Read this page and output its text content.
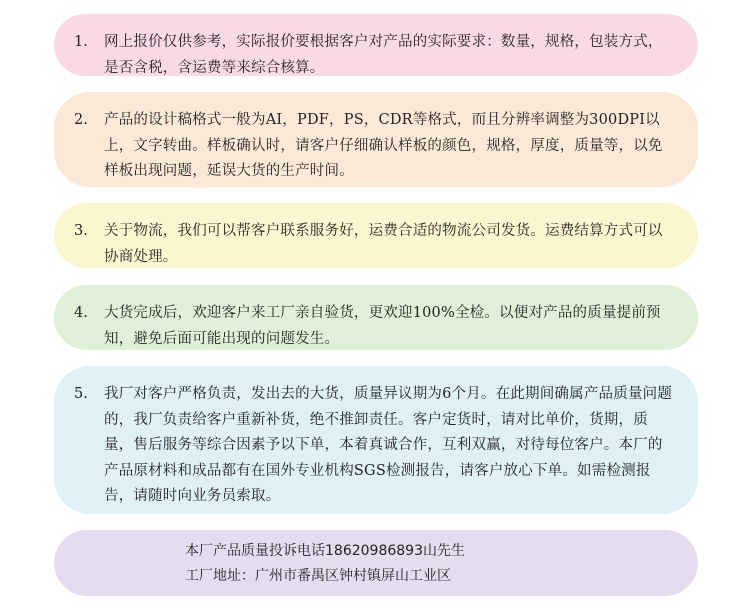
1.	网上报价仅供参考，实际报价要根据客户对产品的实际要求：数量，规格，包装方式，是否含税，含运费等来综合核算。
2.	产品的设计稿格式一般为AI，PDF，PS，CDR等格式，而且分辨率调整为300DPI以上，文字转曲。样板确认时，请客户仔细确认样板的颜色，规格，厚度，质量等，以免样板出现问题，延误大货的生产时间。
3.	关于物流，我们可以帮客户联系服务好，运费合适的物流公司发货。运费结算方式可以协商处理。
4.	大货完成后，欢迎客户来工厂亲自验货，更欢迎100%全检。以便对产品的质量提前预知，避免后面可能出现的问题发生。
5.	我厂对客户严格负责，发出去的大货，质量异议期为6个月。在此期间确属产品质量问题的，我厂负责给客户重新补货，绝不推卸责任。客户定货时，请对比单价，货期，质量，售后服务等综合因素予以下单，本着真诚合作，互利双赢，对待每位客户。本厂的产品原材料和成品都有在国外专业机构SGS检测报告，请客户放心下单。如需检测报告，请随时向业务员索取。
本厂产品质量投诉电话18620986893山先生
工厂地址：广州市番禺区钟村镇屏山工业区
